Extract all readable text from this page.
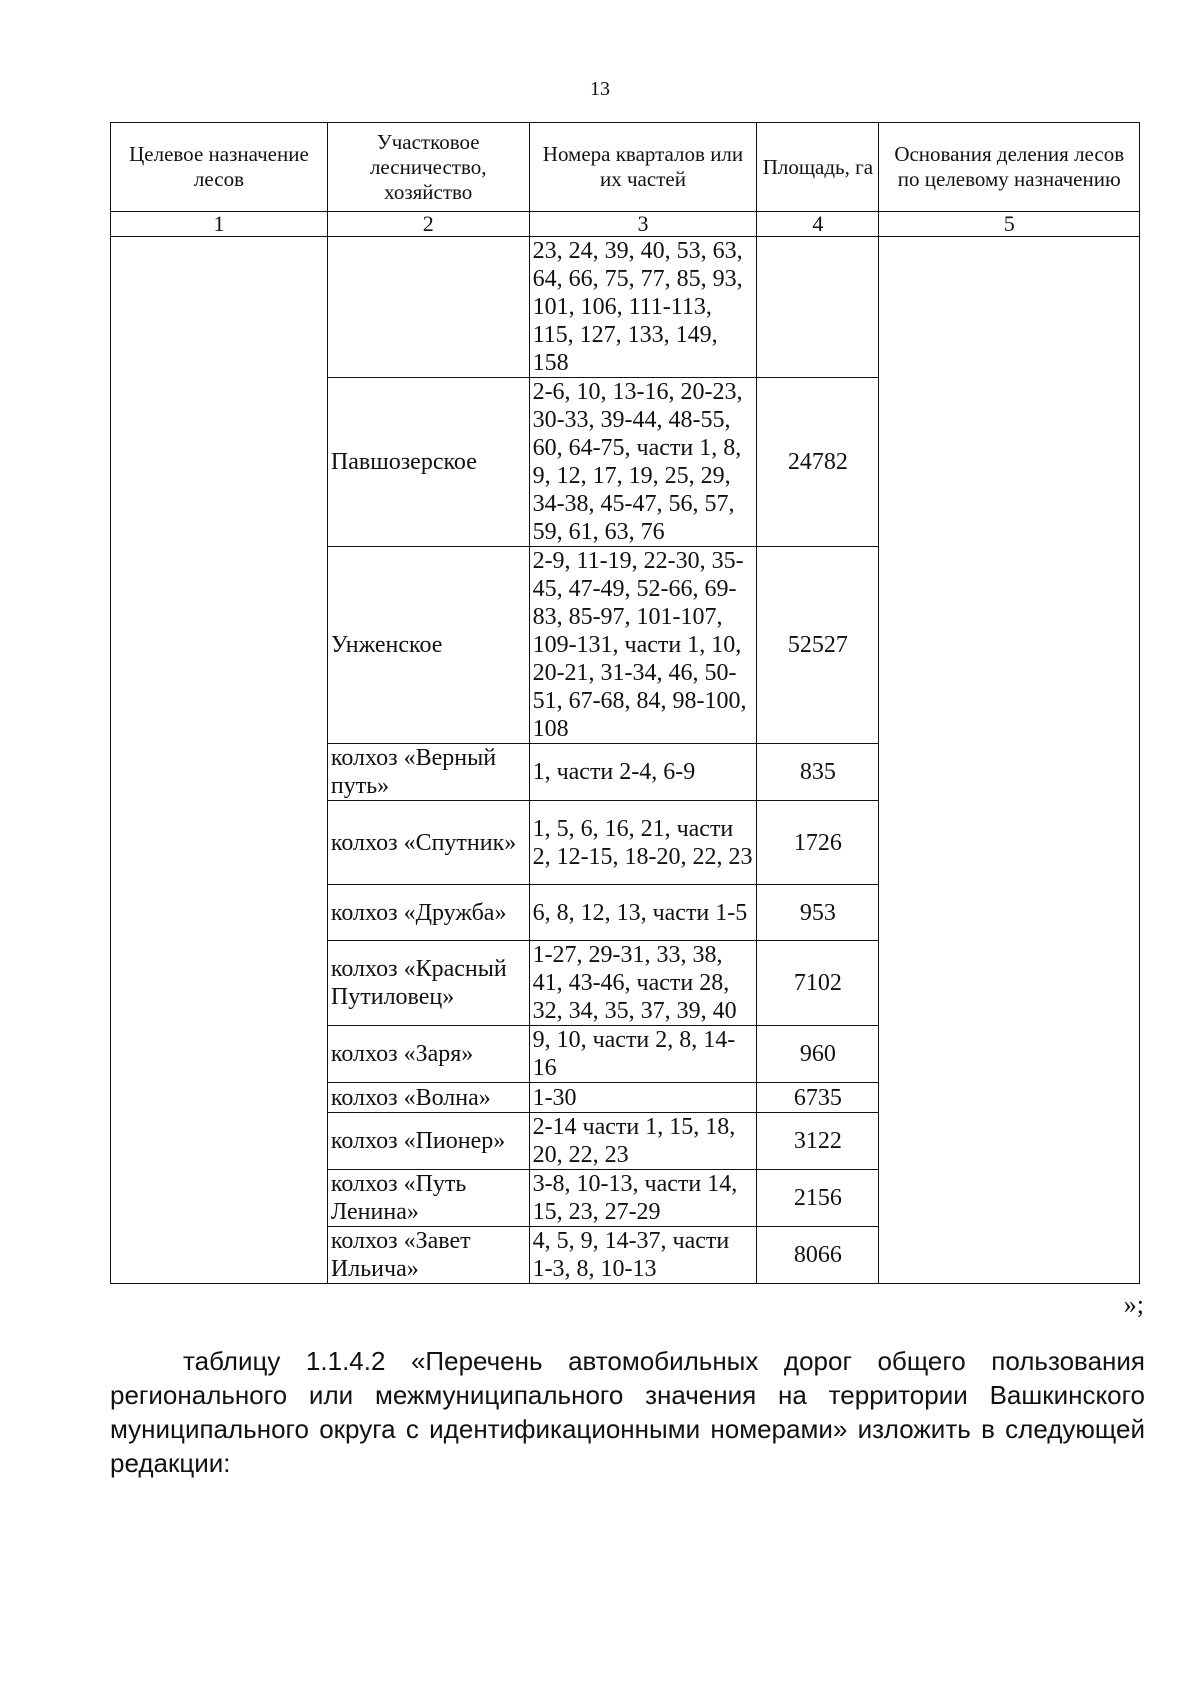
13
Целевое назначение лесов	Участковое лесничество, хозяйство	Номера кварталов или их частей	Площадь, га	Основания деления лесов по целевому назначению
1	2	3	4	5
		23, 24, 39, 40, 53, 63, 64, 66, 75, 77, 85, 93, 101, 106, 111-113, 115, 127, 133, 149, 158		
	Павшозерское	2-6, 10, 13-16, 20-23, 30-33, 39-44, 48-55, 60, 64-75, части 1, 8, 9, 12, 17, 19, 25, 29, 34-38, 45-47, 56, 57, 59, 61, 63, 76	24782	
	Унженское	2-9, 11-19, 22-30, 35-45, 47-49, 52-66, 69-83, 85-97, 101-107, 109-131, части 1, 10, 20-21, 31-34, 46, 50-51, 67-68, 84, 98-100, 108	52527	
	колхоз «Верный путь»	1, части 2-4, 6-9	835	
	колхоз «Спутник»	1, 5, 6, 16, 21, части 2, 12-15, 18-20, 22, 23	1726	
	колхоз «Дружба»	6, 8, 12, 13, части 1-5	953	
	колхоз «Красный Путиловец»	1-27, 29-31, 33, 38, 41, 43-46, части 28, 32, 34, 35, 37, 39, 40	7102	
	колхоз «Заря»	9, 10, части 2, 8, 14-16	960	
	колхоз «Волна»	1-30	6735	
	колхоз «Пионер»	2-14 части 1, 15, 18, 20, 22, 23	3122	
	колхоз «Путь Ленина»	3-8, 10-13, части 14, 15, 23, 27-29	2156	
	колхоз «Завет Ильича»	4, 5, 9, 14-37, части 1-3, 8, 10-13	8066	
»;

таблицу 1.1.4.2 «Перечень автомобильных дорог общего пользования регионального или межмуниципального значения на территории Вашкинского муниципального округа с идентификационными номерами» изложить в следующей редакции:
